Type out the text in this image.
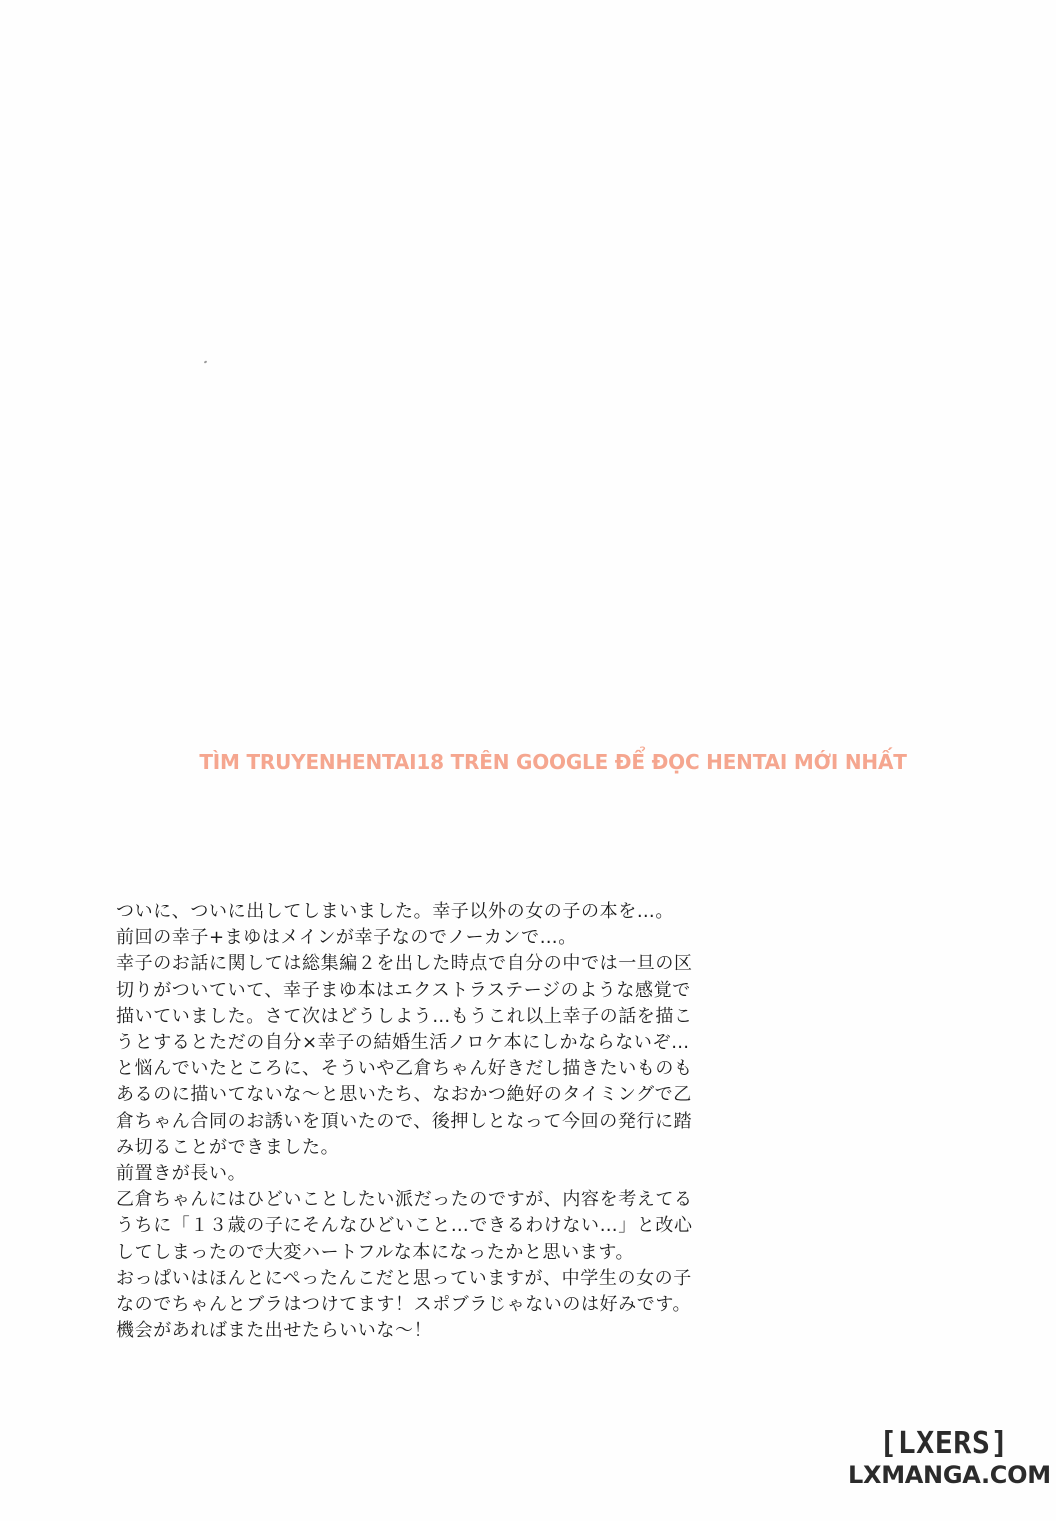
TÌM TRUYENHENTAI18 TRÊN GOOGLE ĐỂ ĐỌC HENTAI MỚI NHẤT
ついに、ついに出してしまいました。幸子以外の女の子の本を…。
前回の幸子+まゆはメインが幸子なのでノーカンで…。
幸子のお話に関しては総集編２を出した時点で自分の中では一旦の区
切りがついていて、幸子まゆ本はエクストラステージのような感覚で
描いていました。さて次はどうしよう…もうこれ以上幸子の話を描こ
うとするとただの自分×幸子の結婚生活ノロケ本にしかならないぞ…
と悩んでいたところに、そういや乙倉ちゃん好きだし描きたいものも
あるのに描いてないな～と思いたち、なおかつ絶好のタイミングで乙
倉ちゃん合同のお誘いを頂いたので、後押しとなって今回の発行に踏
み切ることができました。
前置きが長い。
乙倉ちゃんにはひどいことしたい派だったのですが、内容を考えてる
うちに「１３歳の子にそんなひどいこと…できるわけない…」と改心
してしまったので大変ハートフルな本になったかと思います。
おっぱいはほんとにぺったんこだと思っていますが、中学生の女の子
なのでちゃんとブラはつけてます！スポブラじゃないのは好みです。
機会があればまた出せたらいいな～！
[LXERS]
LXMANGA.COM
